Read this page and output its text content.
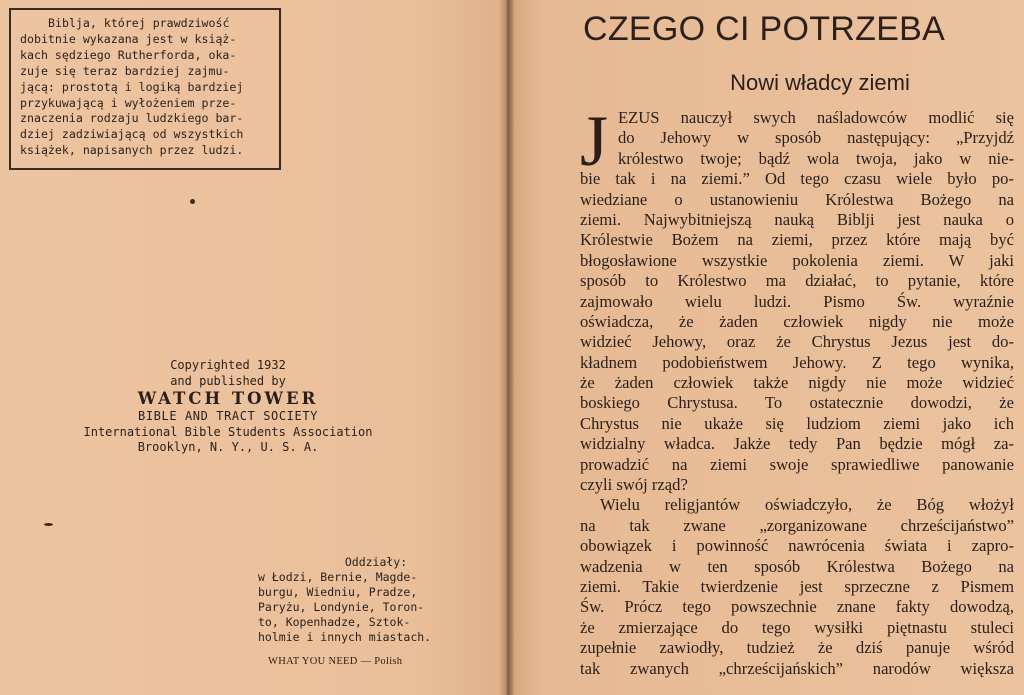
Biblja, której prawdziwość
dobitnie wykazana jest w książ-
kach sędziego Rutherforda, oka-
zuje się teraz bardziej zajmu-
jącą: prostotą i logiką bardziej
przykuwającą i wyłożeniem prze-
znaczenia rodzaju ludzkiego bar-
dziej zadziwiającą od wszystkich
książek, napisanych przez ludzi.
Copyrighted 1932
and published by
WATCH TOWER
BIBLE AND TRACT SOCIETY
International Bible Students Association
Brooklyn, N. Y., U. S. A.
Oddziały:
w Łodzi, Bernie, Magde-
burgu, Wiedniu, Pradze,
Paryżu, Londynie, Toron-
to, Kopenhadze, Sztok-
holmie i innych miastach.
WHAT YOU NEED — Polish
CZEGO CI POTRZEBA
Nowi władcy ziemi
J EZUS nauczył swych naśladowców modlić się
do Jehowy w sposób następujący: „Przyjdź
królestwo twoje; bądź wola twoja, jako w nie-
bie tak i na ziemi.” Od tego czasu wiele było po-
wiedziane o ustanowieniu Królestwa Bożego na
ziemi. Najwybitniejszą nauką Biblji jest nauka o
Królestwie Bożem na ziemi, przez które mają być
błogosławione wszystkie pokolenia ziemi. W jaki
sposób to Królestwo ma działać, to pytanie, które
zajmowało wielu ludzi. Pismo Św. wyraźnie
oświadcza, że żaden człowiek nigdy nie może
widzieć Jehowy, oraz że Chrystus Jezus jest do-
kładnem podobieństwem Jehowy. Z tego wynika,
że żaden człowiek także nigdy nie może widzieć
boskiego Chrystusa. To ostatecznie dowodzi, że
Chrystus nie ukaże się ludziom ziemi jako ich
widzialny władca. Jakże tedy Pan będzie mógł za-
prowadzić na ziemi swoje sprawiedliwe panowanie
czyli swój rząd?
Wielu religjantów oświadczyło, że Bóg włożył
na tak zwane „zorganizowane chrześcijaństwo”
obowiązek i powinność nawrócenia świata i zapro-
wadzenia w ten sposób Królestwa Bożego na
ziemi. Takie twierdzenie jest sprzeczne z Pismem
Św. Prócz tego powszechnie znane fakty dowodzą,
że zmierzające do tego wysiłki piętnastu stuleci
zupełnie zawiodły, tudzież że dziś panuje wśród
tak zwanych „chrześcijańskich” narodów większa
